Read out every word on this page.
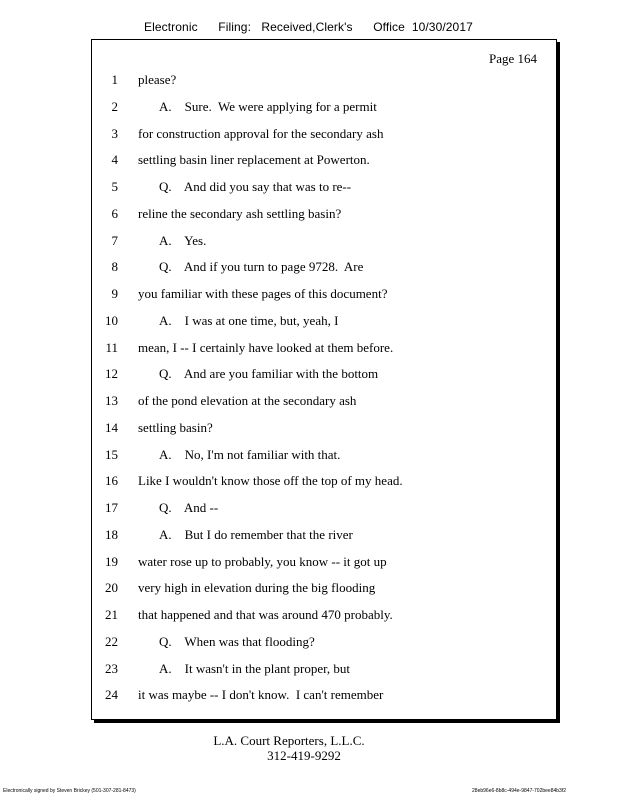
Electronic Filing: Received,Clerk's Office 10/30/2017
Page 164
1 please?
2	A.    Sure.  We were applying for a permit
3 for construction approval for the secondary ash
4 settling basin liner replacement at Powerton.
5	Q.    And did you say that was to re--
6 reline the secondary ash settling basin?
7	A.    Yes.
8	Q.    And if you turn to page 9728.  Are
9 you familiar with these pages of this document?
10	A.    I was at one time, but, yeah, I
11 mean, I -- I certainly have looked at them before.
12	Q.    And are you familiar with the bottom
13 of the pond elevation at the secondary ash
14 settling basin?
15	A.    No, I'm not familiar with that.
16 Like I wouldn't know those off the top of my head.
17	Q.    And --
18	A.    But I do remember that the river
19 water rose up to probably, you know -- it got up
20 very high in elevation during the big flooding
21 that happened and that was around 470 probably.
22	Q.    When was that flooding?
23	A.    It wasn't in the plant proper, but
24 it was maybe -- I don't know.  I can't remember
L.A. Court Reporters, L.L.C.
312-419-9292
Electronically signed by Steven Brickey (501-307-281-8473)	28eb96e6-8b8c-494e-9847-702bee84b3f2
